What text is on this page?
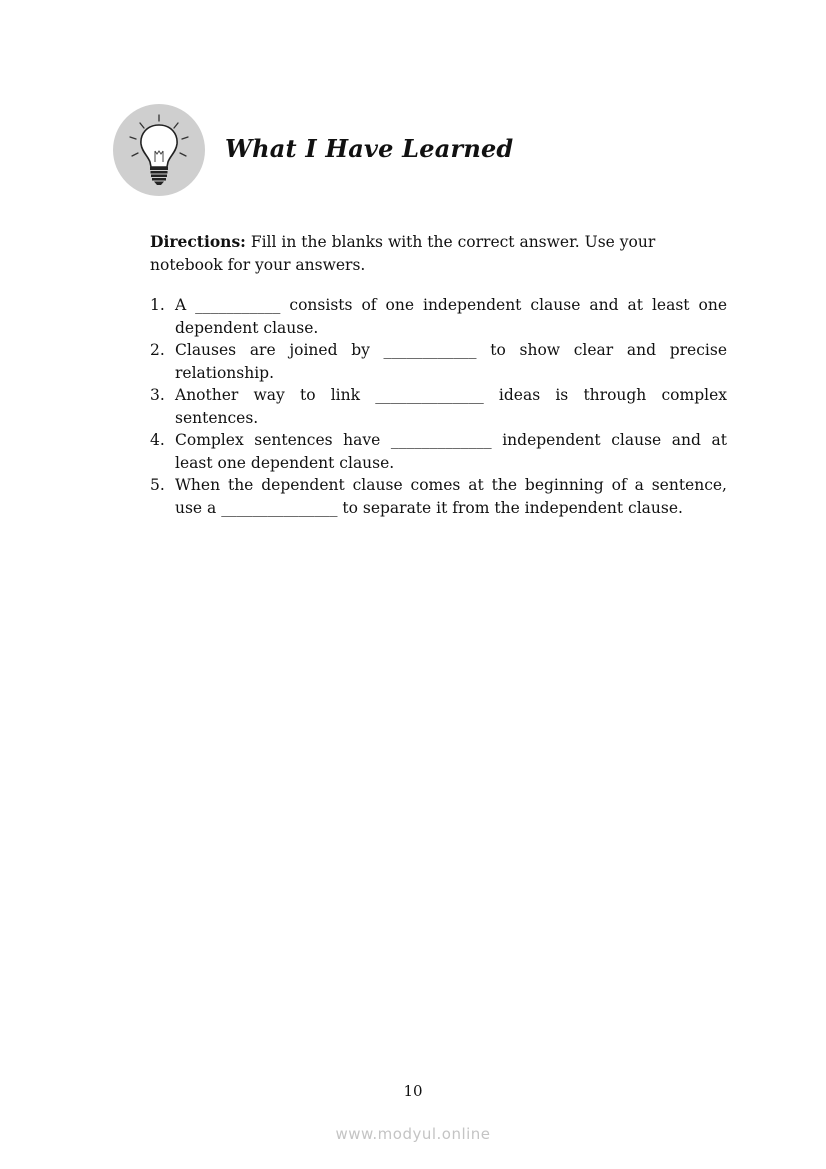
What I Have Learned

Directions: Fill in the blanks with the correct answer. Use your notebook for your answers.

1. A ___________ consists of one independent clause and at least one dependent clause.
2. Clauses are joined by ____________ to show clear and precise relationship.
3. Another way to link ______________ ideas is through complex sentences.
4. Complex sentences have _____________ independent clause and at least one dependent clause.
5. When the dependent clause comes at the beginning of a sentence, use a _______________ to separate it from the independent clause.

10

www.modyul.online
